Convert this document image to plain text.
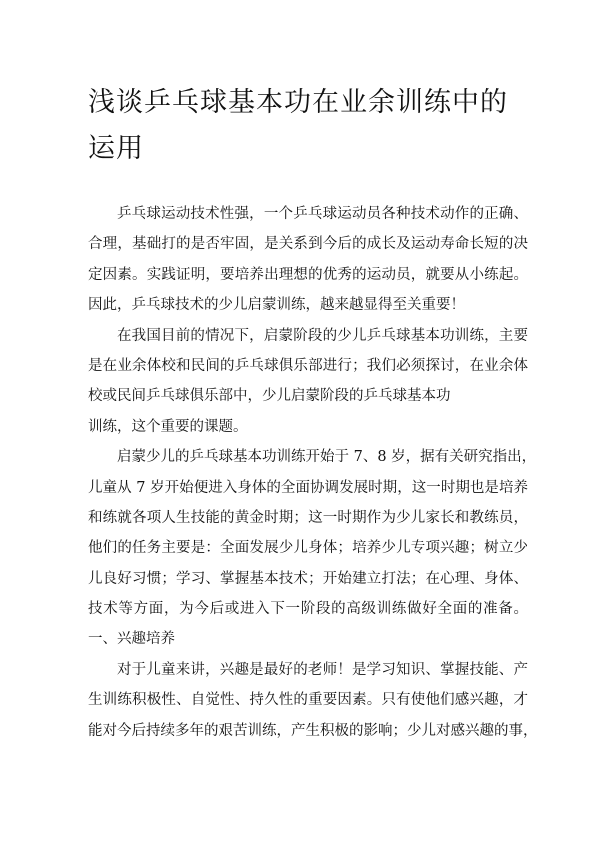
浅谈乒乓球基本功在业余训练中的
运用
乒乓球运动技术性强，一个乒乓球运动员各种技术动作的正确、
合理，基础打的是否牢固，是关系到今后的成长及运动寿命长短的决
定因素。实践证明，要培养出理想的优秀的运动员，就要从小练起。
因此，乒乓球技术的少儿启蒙训练，越来越显得至关重要！
在我国目前的情况下，启蒙阶段的少儿乒乓球基本功训练，主要
是在业余体校和民间的乒乓球俱乐部进行；我们必须探讨，在业余体
校或民间乒乓球俱乐部中，少儿启蒙阶段的乒乓球基本功
训练，这个重要的课题。
启蒙少儿的乒乓球基本功训练开始于 7、8 岁，据有关研究指出，
儿童从 7 岁开始便进入身体的全面协调发展时期，这一时期也是培养
和练就各项人生技能的黄金时期；这一时期作为少儿家长和教练员，
他们的任务主要是：全面发展少儿身体；培养少儿专项兴趣；树立少
儿良好习惯；学习、掌握基本技术；开始建立打法；在心理、身体、
技术等方面，为今后或进入下一阶段的高级训练做好全面的准备。
一、兴趣培养
对于儿童来讲，兴趣是最好的老师！是学习知识、掌握技能、产
生训练积极性、自觉性、持久性的重要因素。只有使他们感兴趣，才
能对今后持续多年的艰苦训练，产生积极的影响；少儿对感兴趣的事，
